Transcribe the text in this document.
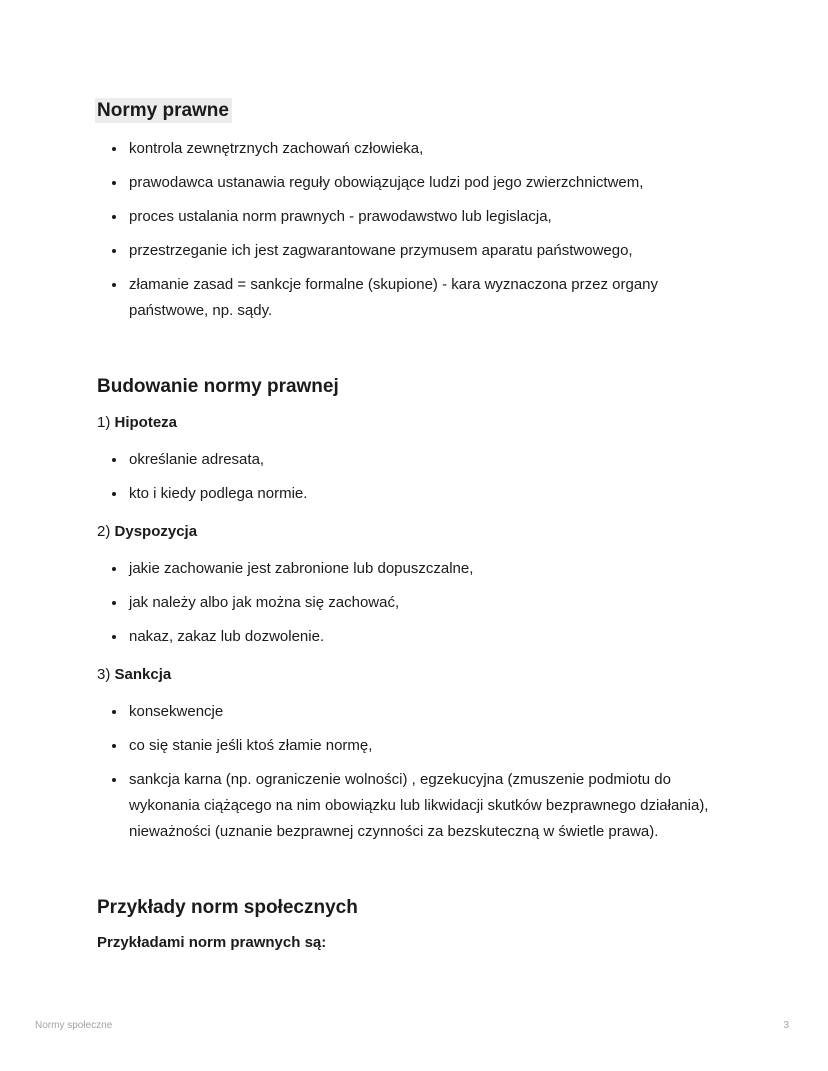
Normy prawne
• kontrola zewnętrznych zachowań człowieka,
• prawodawca ustanawia reguły obowiązujące ludzi pod jego zwierzchnictwem,
• proces ustalania norm prawnych - prawodawstwo lub legislacja,
• przestrzeganie ich jest zagwarantowane przymusem aparatu państwowego,
• złamanie zasad = sankcje formalne (skupione) - kara wyznaczona przez organy państwowe, np. sądy.
Budowanie normy prawnej

1) Hipoteza

• określanie adresata,
• kto i kiedy podlega normie.

2) Dyspozycja

• jakie zachowanie jest zabronione lub dopuszczalne,
• jak należy albo jak można się zachować,
• nakaz, zakaz lub dozwolenie.

3) Sankcja

• konsekwencje
• co się stanie jeśli ktoś złamie normę,
• sankcja karna (np. ograniczenie wolności) , egzekucyjna (zmuszenie podmiotu do wykonania ciążącego na nim obowiązku lub likwidacji skutków bezprawnego działania), nieważności (uznanie bezprawnej czynności za bezskuteczną w świetle prawa).
Przykłady norm społecznych

Przykładami norm prawnych są:

Normy społeczne	3
